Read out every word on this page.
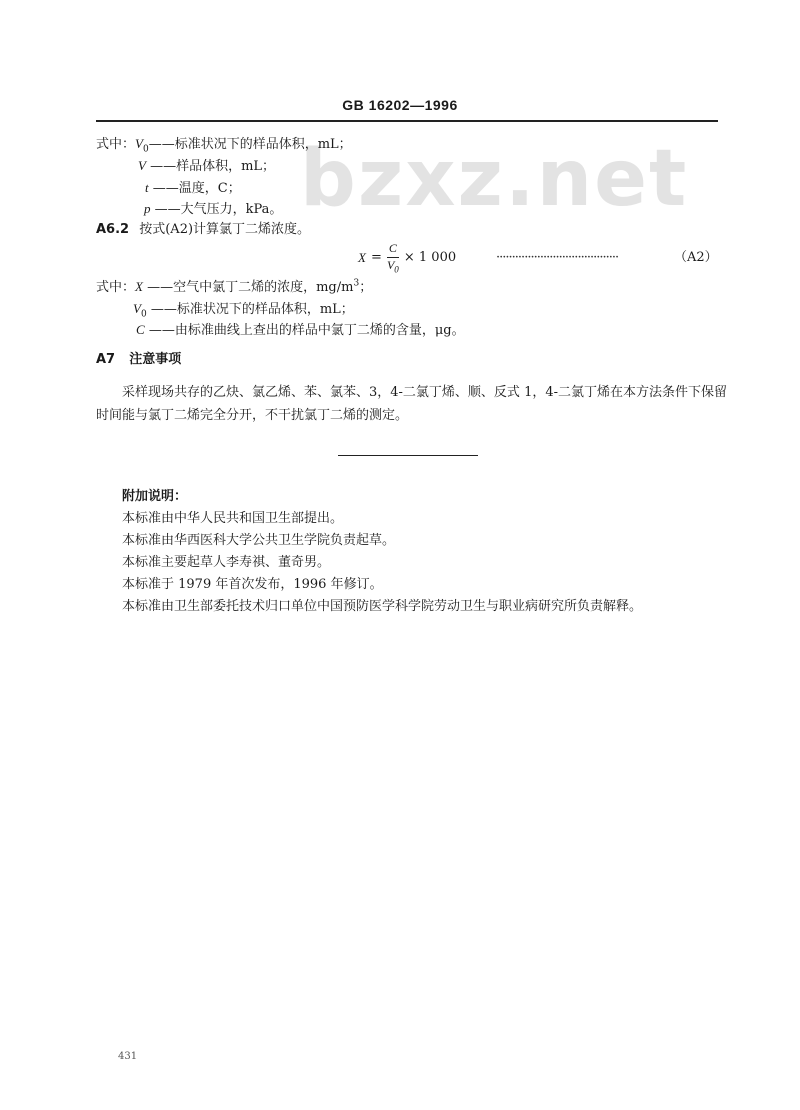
GB 16202—1996
bzxz.net
式中：$V_0——$标准状况下的样品体积，mL；
V ——样品体积，mL；
t ——温度，C；
p ——大气压力，kPa。
A6.2 按式(A2)计算氯丁二烯浓度。
$X = \frac{C}{V_0} \times 1$ 000	·······································	（A2）
式中：X ——空气中氯丁二烯的浓度，$mg/m^3$；
$V_0$ ——标准状况下的样品体积，mL；
C ——由标准曲线上查出的样品中氯丁二烯的含量，μg。
A7 注意事项
采样现场共存的乙炔、氯乙烯、苯、氯苯、3，4-二氯丁烯、顺、反式 1，4-二氯丁烯在本方法条件下保留
时间能与氯丁二烯完全分开，不干扰氯丁二烯的测定。
附加说明：
本标准由中华人民共和国卫生部提出。
本标准由华西医科大学公共卫生学院负责起草。
本标准主要起草人李寿祺、董奇男。
本标准于 1979 年首次发布，1996 年修订。
本标准由卫生部委托技术归口单位中国预防医学科学院劳动卫生与职业病研究所负责解释。
431
